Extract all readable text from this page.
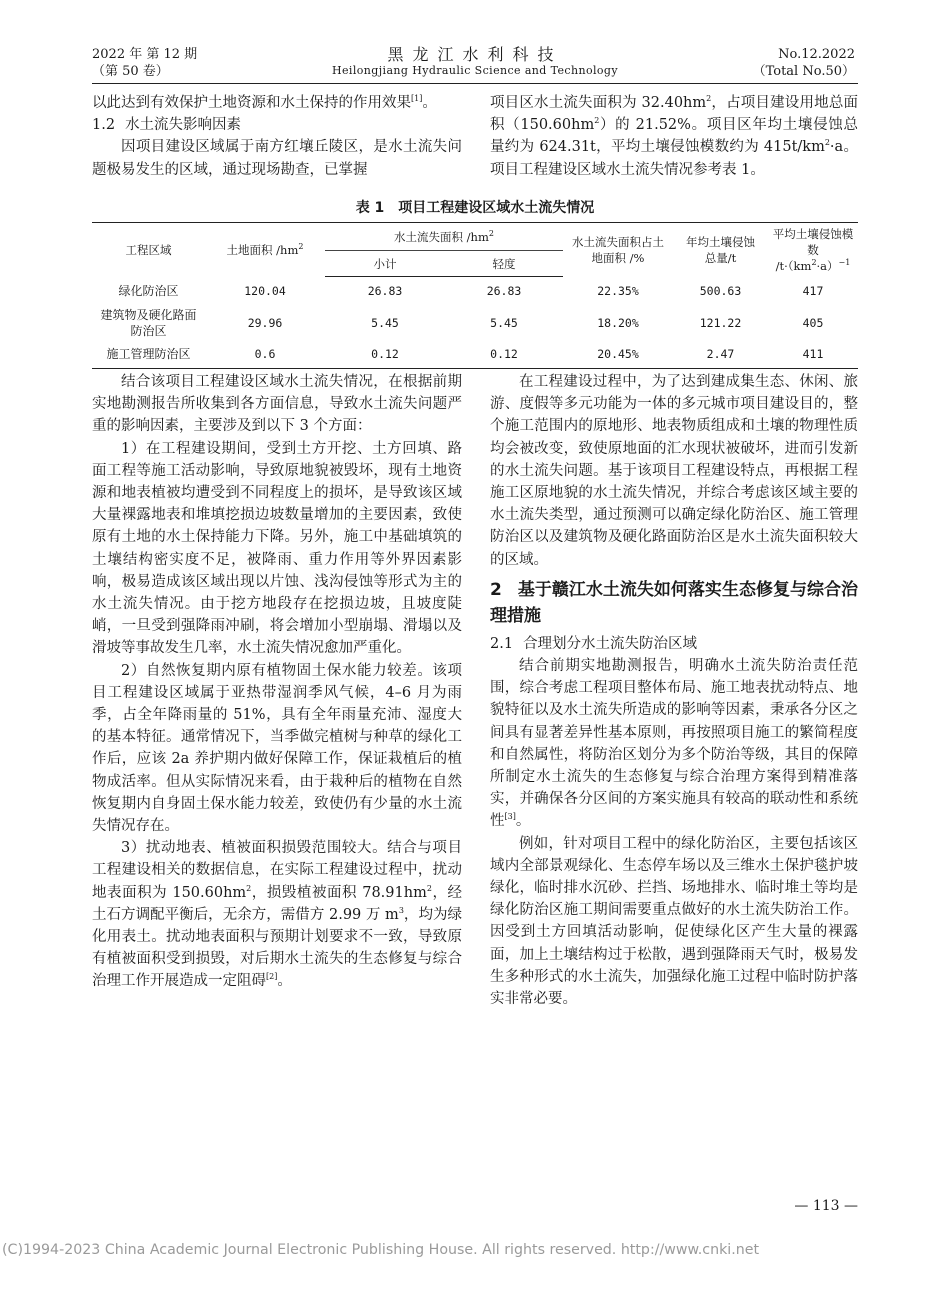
2022 年 第 12 期
（第 50 卷）
黑龙江水利科技
Heilongjiang Hydraulic Science and Technology
No.12.2022
（Total No.50）

以此达到有效保护土地资源和水土保持的作用效果[1]。

1.2 水土流失影响因素

因项目建设区域属于南方红壤丘陵区，是水土流失问题极易发生的区域，通过现场勘查，已掌握

项目区水土流失面积为 $32.40hm^2$，占项目建设用地总面积$(150.60hm^2)$的 21.52%。项目区年均土壤侵蚀总量约为 624.31t，平均土壤侵蚀模数约为 $415t/km^2\cdot a$。项目工程建设区域水土流失情况参考表 1。

表 1　项目工程建设区域水土流失情况
工程区域	土地面积 $/hm^2$	水土流失面积 $/hm^2$		水土流失面积占土地面积 /%	年均土壤侵蚀总量/t	平均土壤侵蚀模数
$/t\cdot(km^2\cdot a)^{-1}$
		小计	轻度			
绿化防治区	120.04	26.83	26.83	22.35%	500.63	417
建筑物及硬化路面防治区	29.96	5.45	5.45	18.20%	121.22	405
施工管理防治区	0.6	0.12	0.12	20.45%	2.47	411

结合该项目工程建设区域水土流失情况，在根据前期实地勘测报告所收集到各方面信息，导致水土流失问题严重的影响因素，主要涉及到以下 3 个方面：

1）在工程建设期间，受到土方开挖、土方回填、路面工程等施工活动影响，导致原地貌被毁坏，现有土地资源和地表植被均遭受到不同程度上的损坏，是导致该区域大量裸露地表和堆填挖损边坡数量增加的主要因素，致使原有土地的水土保持能力下降。另外，施工中基础填筑的土壤结构密实度不足，被降雨、重力作用等外界因素影响，极易造成该区域出现以片蚀、浅沟侵蚀等形式为主的水土流失情况。由于挖方地段存在挖损边坡，且坡度陡峭，一旦受到强降雨冲刷，将会增加小型崩塌、滑塌以及滑坡等事故发生几率，水土流失情况愈加严重化。

2）自然恢复期内原有植物固土保水能力较差。该项目工程建设区域属于亚热带湿润季风气候，4–6 月为雨季，占全年降雨量的 51%，具有全年雨量充沛、湿度大的基本特征。通常情况下，当季做完植树与种草的绿化工作后，应该 2a 养护期内做好保障工作，保证栽植后的植物成活率。但从实际情况来看，由于栽种后的植物在自然恢复期内自身固土保水能力较差，致使仍有少量的水土流失情况存在。

3）扰动地表、植被面积损毁范围较大。结合与项目工程建设相关的数据信息，在实际工程建设过程中，扰动地表面积为 $150.60hm^2$，损毁植被面积 $78.91hm^2$，经土石方调配平衡后，无余方，需借方 2.99 万 $m^3$，均为绿化用表土。扰动地表面积与预期计划要求不一致，导致原有植被面积受到损毁，对后期水土流失的生态修复与综合治理工作开展造成一定阻碍[2]。

在工程建设过程中，为了达到建成集生态、休闲、旅游、度假等多元功能为一体的多元城市项目建设目的，整个施工范围内的原地形、地表物质组成和土壤的物理性质均会被改变，致使原地面的汇水现状被破坏，进而引发新的水土流失问题。基于该项目工程建设特点，再根据工程施工区原地貌的水土流失情况，并综合考虑该区域主要的水土流失类型，通过预测可以确定绿化防治区、施工管理防治区以及建筑物及硬化路面防治区是水土流失面积较大的区域。

2 基于赣江水土流失如何落实生态修复与综合治理措施

2.1 合理划分水土流失防治区域

结合前期实地勘测报告，明确水土流失防治责任范围，综合考虑工程项目整体布局、施工地表扰动特点、地貌特征以及水土流失所造成的影响等因素，秉承各分区之间具有显著差异性基本原则，再按照项目施工的繁简程度和自然属性，将防治区划分为多个防治等级，其目的保障所制定水土流失的生态修复与综合治理方案得到精准落实，并确保各分区间的方案实施具有较高的联动性和系统性[3]。

例如，针对项目工程中的绿化防治区，主要包括该区域内全部景观绿化、生态停车场以及三维水土保护毯护坡绿化，临时排水沉砂、拦挡、场地排水、临时堆土等均是绿化防治区施工期间需要重点做好的水土流失防治工作。因受到土方回填活动影响，促使绿化区产生大量的裸露面，加上土壤结构过于松散，遇到强降雨天气时，极易发生多种形式的水土流失，加强绿化施工过程中临时防护落实非常必要。

— 113 —
(C)1994-2023 China Academic Journal Electronic Publishing House. All rights reserved. http://www.cnki.net
